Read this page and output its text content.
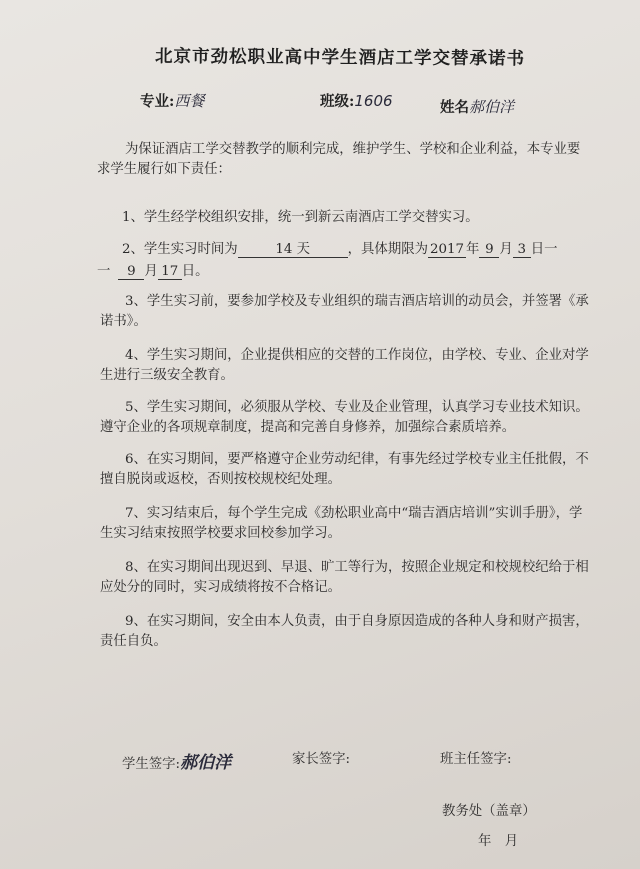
北京市劲松职业高中学生酒店工学交替承诺书
专业:西餐	班级:1606	姓名郝伯洋
为保证酒店工学交替教学的顺利完成，维护学生、学校和企业利益，本专业要求学生履行如下责任：
1、学生经学校组织安排，统一到新云南酒店工学交替实习。
2、学生实习时间为	14 天	，具体期限为 2017 年 9 月 3 日一
一 9 月 17 日。
3、学生实习前，要参加学校及专业组织的瑞吉酒店培训的动员会，并签署《承诺书》。
4、学生实习期间，企业提供相应的交替的工作岗位，由学校、专业、企业对学生进行三级安全教育。
5、学生实习期间，必须服从学校、专业及企业管理，认真学习专业技术知识。遵守企业的各项规章制度，提高和完善自身修养，加强综合素质培养。
6、在实习期间，要严格遵守企业劳动纪律，有事先经过学校专业主任批假，不擅自脱岗或返校，否则按校规校纪处理。
7、实习结束后，每个学生完成《劲松职业高中“瑞吉酒店培训”实训手册》，学生实习结束按照学校要求回校参加学习。
8、在实习期间出现迟到、早退、旷工等行为，按照企业规定和校规校纪给于相应处分的同时，实习成绩将按不合格记。
9、在实习期间，安全由本人负责，由于自身原因造成的各种人身和财产损害，责任自负。
学生签字:郝伯洋	家长签字:	班主任签字:
教务处（盖章）
年　月
